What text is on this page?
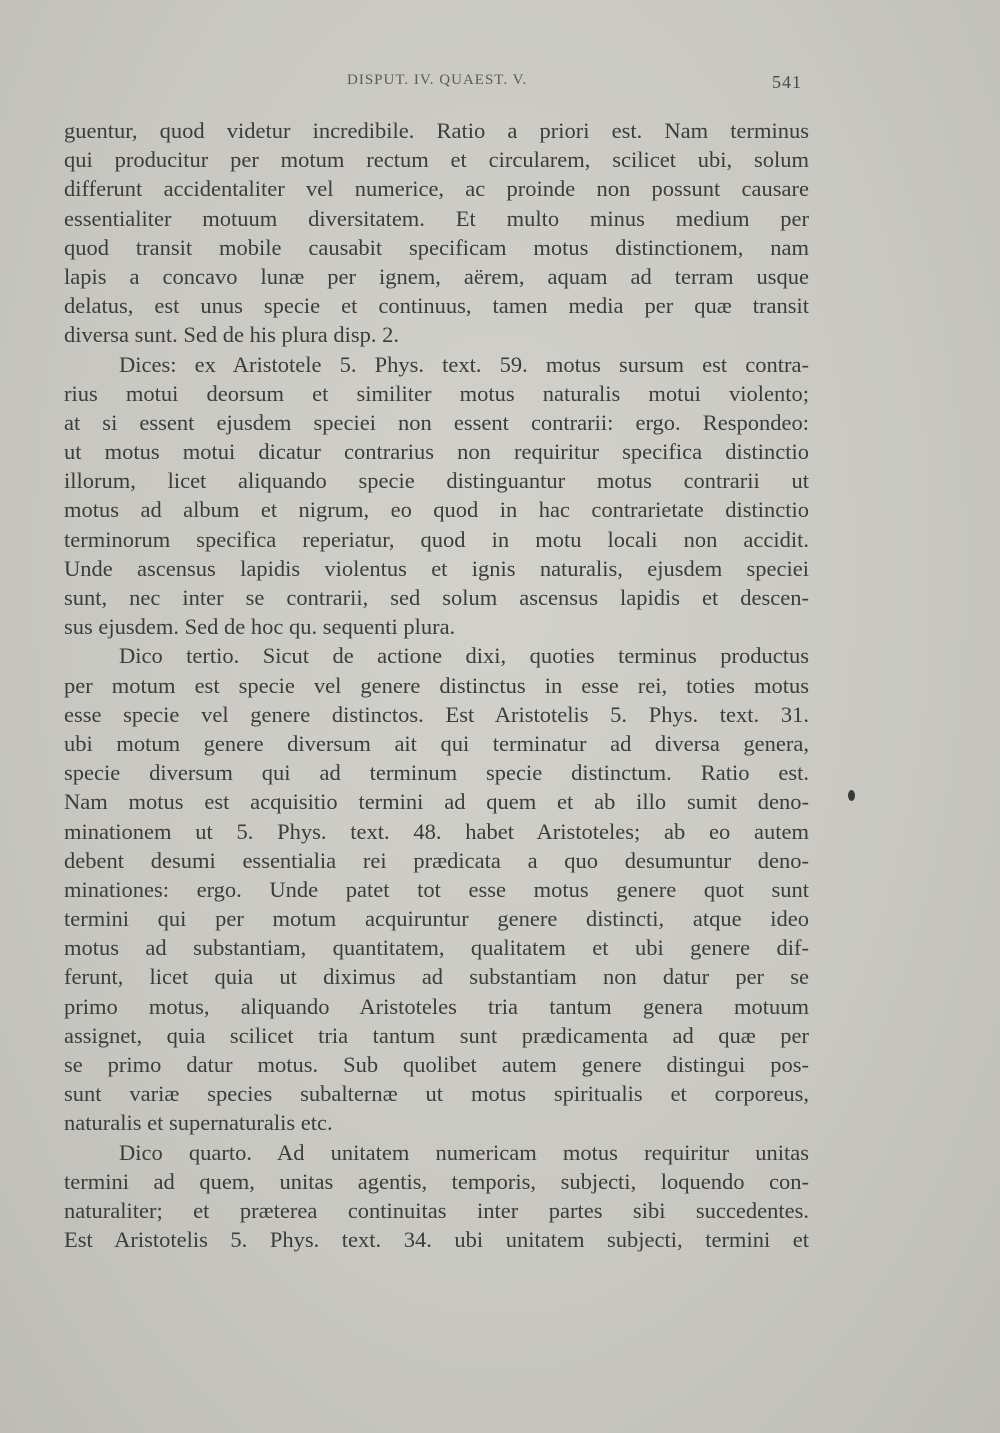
DISPUT. IV. QUAEST. V.	541
guentur, quod videtur incredibile. Ratio a priori est. Nam terminus
qui producitur per motum rectum et circularem, scilicet ubi, solum
differunt accidentaliter vel numerice, ac proinde non possunt causare
essentialiter motuum diversitatem. Et multo minus medium per
quod transit mobile causabit specificam motus distinctionem, nam
lapis a concavo lunæ per ignem, aërem, aquam ad terram usque
delatus, est unus specie et continuus, tamen media per quæ transit
diversa sunt. Sed de his plura disp. 2.
Dices: ex Aristotele 5. Phys. text. 59. motus sursum est contra-
rius motui deorsum et similiter motus naturalis motui violento;
at si essent ejusdem speciei non essent contrarii: ergo. Respondeo:
ut motus motui dicatur contrarius non requiritur specifica distinctio
illorum, licet aliquando specie distinguantur motus contrarii ut
motus ad album et nigrum, eo quod in hac contrarietate distinctio
terminorum specifica reperiatur, quod in motu locali non accidit.
Unde ascensus lapidis violentus et ignis naturalis, ejusdem speciei
sunt, nec inter se contrarii, sed solum ascensus lapidis et descen-
sus ejusdem. Sed de hoc qu. sequenti plura.
Dico tertio. Sicut de actione dixi, quoties terminus productus
per motum est specie vel genere distinctus in esse rei, toties motus
esse specie vel genere distinctos. Est Aristotelis 5. Phys. text. 31.
ubi motum genere diversum ait qui terminatur ad diversa genera,
specie diversum qui ad terminum specie distinctum. Ratio est.
Nam motus est acquisitio termini ad quem et ab illo sumit deno-
minationem ut 5. Phys. text. 48. habet Aristoteles; ab eo autem
debent desumi essentialia rei prædicata a quo desumuntur deno-
minationes: ergo. Unde patet tot esse motus genere quot sunt
termini qui per motum acquiruntur genere distincti, atque ideo
motus ad substantiam, quantitatem, qualitatem et ubi genere dif-
ferunt, licet quia ut diximus ad substantiam non datur per se
primo motus, aliquando Aristoteles tria tantum genera motuum
assignet, quia scilicet tria tantum sunt prædicamenta ad quæ per
se primo datur motus. Sub quolibet autem genere distingui pos-
sunt variæ species subalternæ ut motus spiritualis et corporeus,
naturalis et supernaturalis etc.
Dico quarto. Ad unitatem numericam motus requiritur unitas
termini ad quem, unitas agentis, temporis, subjecti, loquendo con-
naturaliter; et præterea continuitas inter partes sibi succedentes.
Est Aristotelis 5. Phys. text. 34. ubi unitatem subjecti, termini et
